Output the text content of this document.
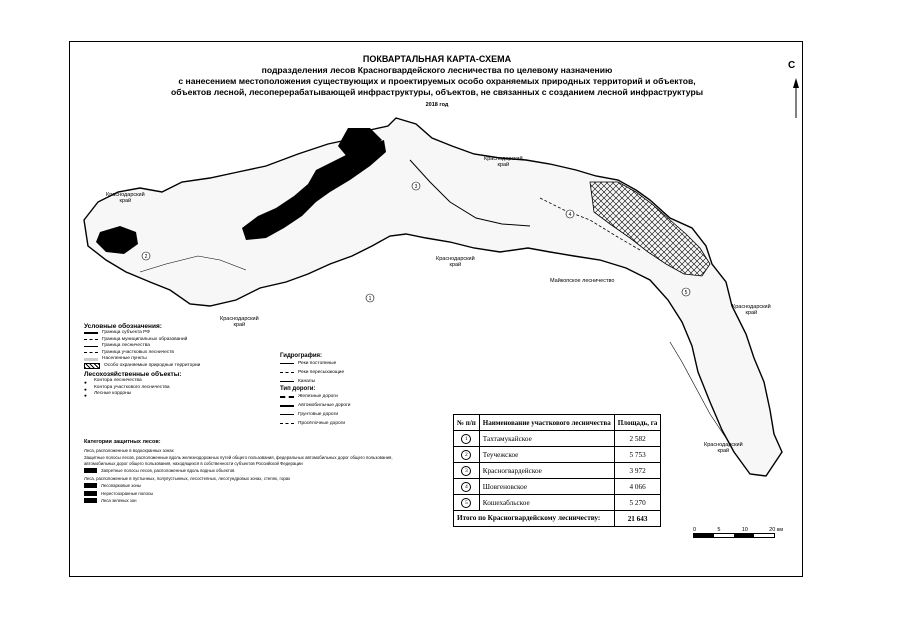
ПОКВАРТАЛЬНАЯ КАРТА-СХЕМА
подразделения лесов Красногвардейского лесничества по целевому назначению
с нанесением местоположения существующих и проектируемых особо охраняемых природных территорий и объектов,
объектов лесной, лесоперерабатывающей инфраструктуры, объектов, не связанных с созданием лесной инфраструктуры
2018 год
С
2
1
3
4
5
Краснодарский
край
Краснодарский
край
Краснодарский
край
Краснодарский
край
Краснодарский
край
Краснодарский
край
Майкопское лесничество
Условные обозначения:
Граница субъекта РФ
Граница муниципальных образований
Граница лесничества
Граница участковых лесничеств
Населенные пункты
Особо охраняемые природные территории
Лесохозяйственные объекты:
●
Контора лесничества
●
Контора участкового лесничества
●
Лесные кордоны
Гидрография:
Реки постоянные
Реки пересыхающие
Каналы
Тип дороги:
Железные дороги
Автомобильные дороги
Грунтовые дороги
Просёлочные дороги
Категории защитных лесов:
Леса, расположенные в водоохранных зонах
Защитные полосы лесов, расположенные вдоль железнодорожных путей общего пользования, федеральных автомобильных дорог общего пользования, автомобильных дорог общего пользования, находящихся в собственности субъектов Российской Федерации
Запретные полосы лесов, расположенные вдоль водных объектов
Леса, расположенные в пустынных, полупустынных, лесостепных, лесотундровых зонах, степях, горах
Лесопарковые зоны
Нерестоохранные полосы
Леса зеленых зон
№ п/п	Наименование участкового лесничества	Площадь, га
1	Тахтамукайское	2 582
2	Теучежское	5 753
3	Красногвардейское	3 972
4	Шовгеновское	4 066
5	Кошехабльское	5 270
Итого по Красногвардейскому лесничеству:		21 643
0	5	10	20 км
